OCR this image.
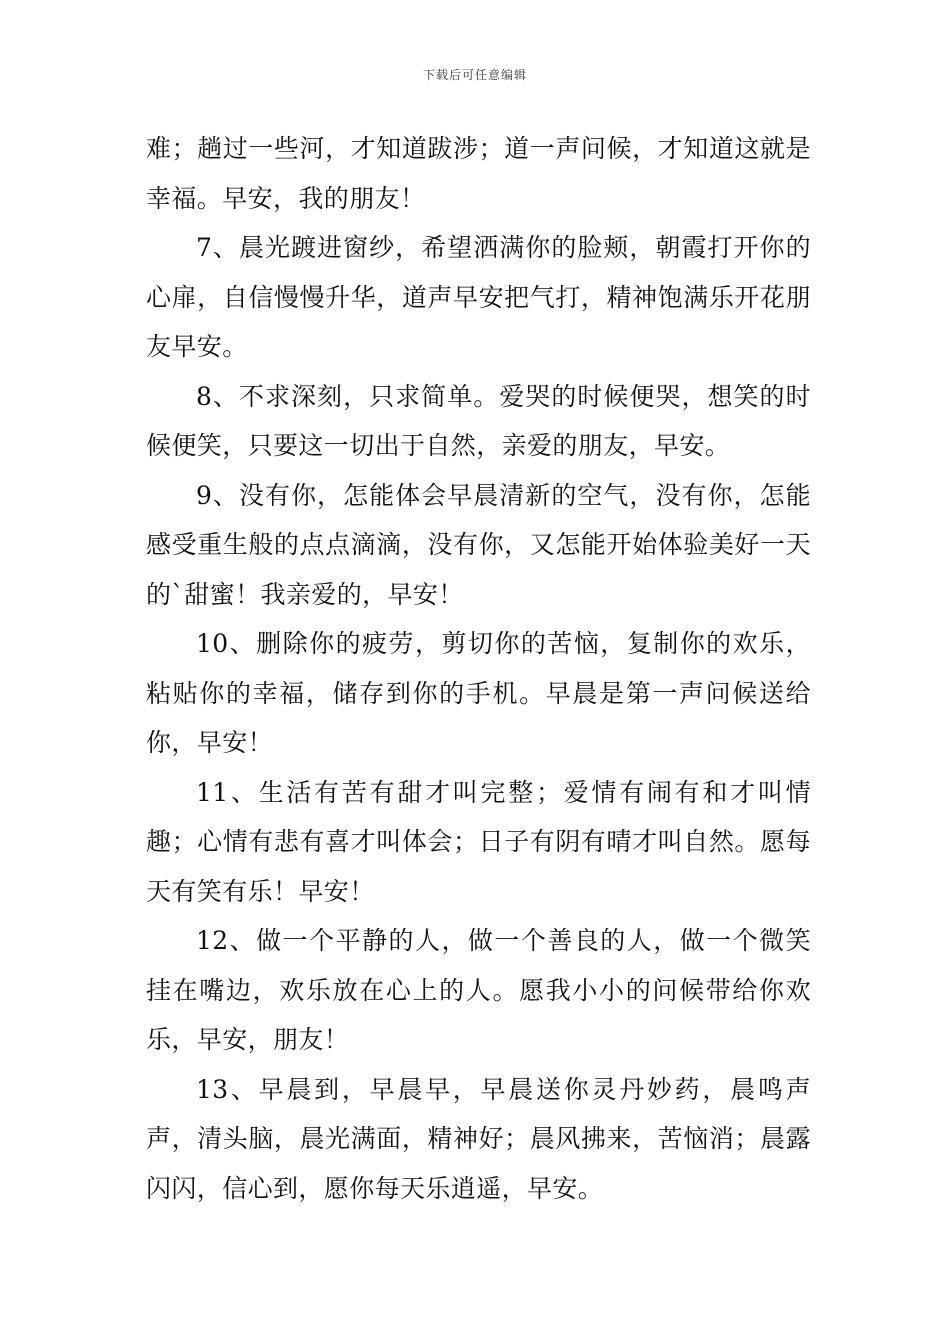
下载后可任意编辑

难；趟过一些河，才知道跋涉；道一声问候，才知道这就是幸福。早安，我的朋友！

7、晨光踱进窗纱，希望洒满你的脸颊，朝霞打开你的心扉，自信慢慢升华，道声早安把气打，精神饱满乐开花朋友早安。

8、不求深刻，只求简单。爱哭的时候便哭，想笑的时候便笑，只要这一切出于自然，亲爱的朋友，早安。

9、没有你，怎能体会早晨清新的空气，没有你，怎能感受重生般的点点滴滴，没有你，又怎能开始体验美好一天的`甜蜜！我亲爱的，早安！

10、删除你的疲劳，剪切你的苦恼，复制你的欢乐，粘贴你的幸福，储存到你的手机。早晨是第一声问候送给你，早安！

11、生活有苦有甜才叫完整；爱情有闹有和才叫情趣；心情有悲有喜才叫体会；日子有阴有晴才叫自然。愿每天有笑有乐！早安！

12、做一个平静的人，做一个善良的人，做一个微笑挂在嘴边，欢乐放在心上的人。愿我小小的问候带给你欢乐，早安，朋友！

13、早晨到，早晨早，早晨送你灵丹妙药，晨鸣声声，清头脑，晨光满面，精神好；晨风拂来，苦恼消；晨露闪闪，信心到，愿你每天乐逍遥，早安。
